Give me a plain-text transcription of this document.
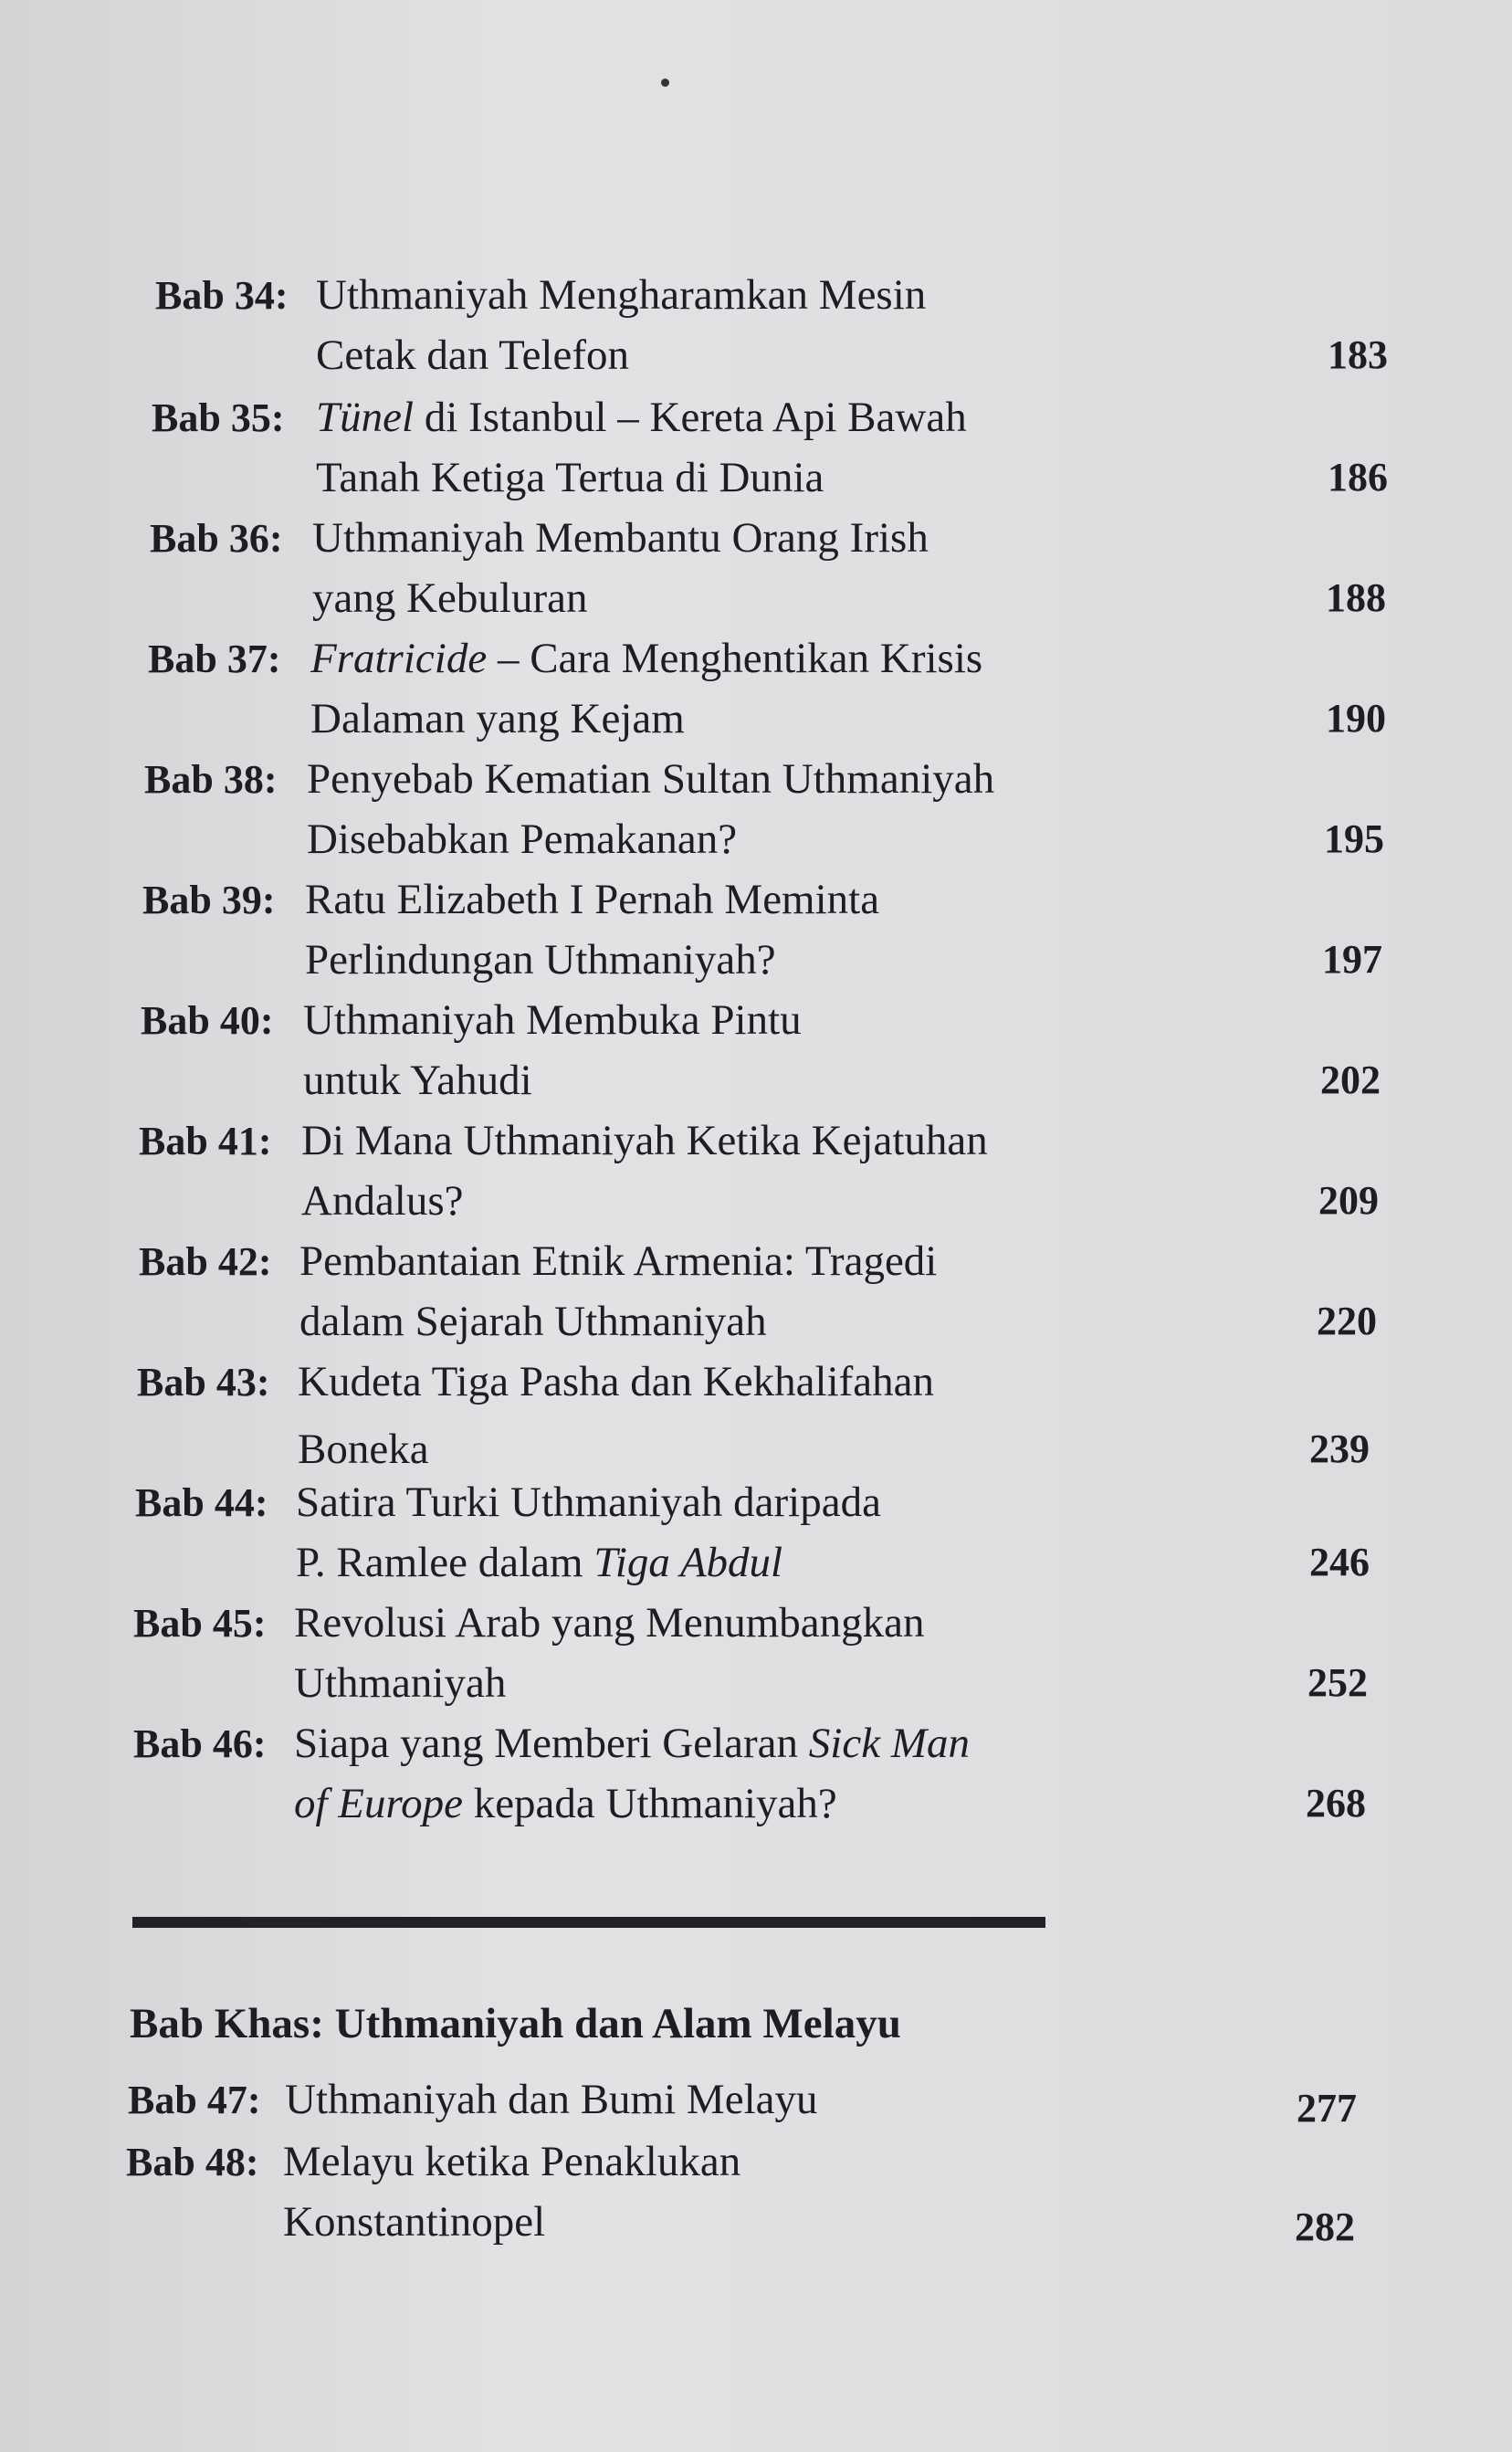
Bab 34: Uthmaniyah Mengharamkan Mesin
Cetak dan Telefon	183
Bab 35: Tünel di Istanbul – Kereta Api Bawah
Tanah Ketiga Tertua di Dunia	186
Bab 36: Uthmaniyah Membantu Orang Irish
yang Kebuluran	188
Bab 37: Fratricide – Cara Menghentikan Krisis
Dalaman yang Kejam	190
Bab 38: Penyebab Kematian Sultan Uthmaniyah
Disebabkan Pemakanan?	195
Bab 39: Ratu Elizabeth I Pernah Meminta
Perlindungan Uthmaniyah?	197
Bab 40: Uthmaniyah Membuka Pintu
untuk Yahudi	202
Bab 41: Di Mana Uthmaniyah Ketika Kejatuhan
Andalus?	209
Bab 42: Pembantaian Etnik Armenia: Tragedi
dalam Sejarah Uthmaniyah	220
Bab 43: Kudeta Tiga Pasha dan Kekhalifahan
Boneka	239
Bab 44: Satira Turki Uthmaniyah daripada
P. Ramlee dalam Tiga Abdul	246
Bab 45: Revolusi Arab yang Menumbangkan
Uthmaniyah	252
Bab 46: Siapa yang Memberi Gelaran Sick Man
of Europe kepada Uthmaniyah?	268
Bab Khas: Uthmaniyah dan Alam Melayu
Bab 47: Uthmaniyah dan Bumi Melayu	277
Bab 48: Melayu ketika Penaklukan
Konstantinopel	282
